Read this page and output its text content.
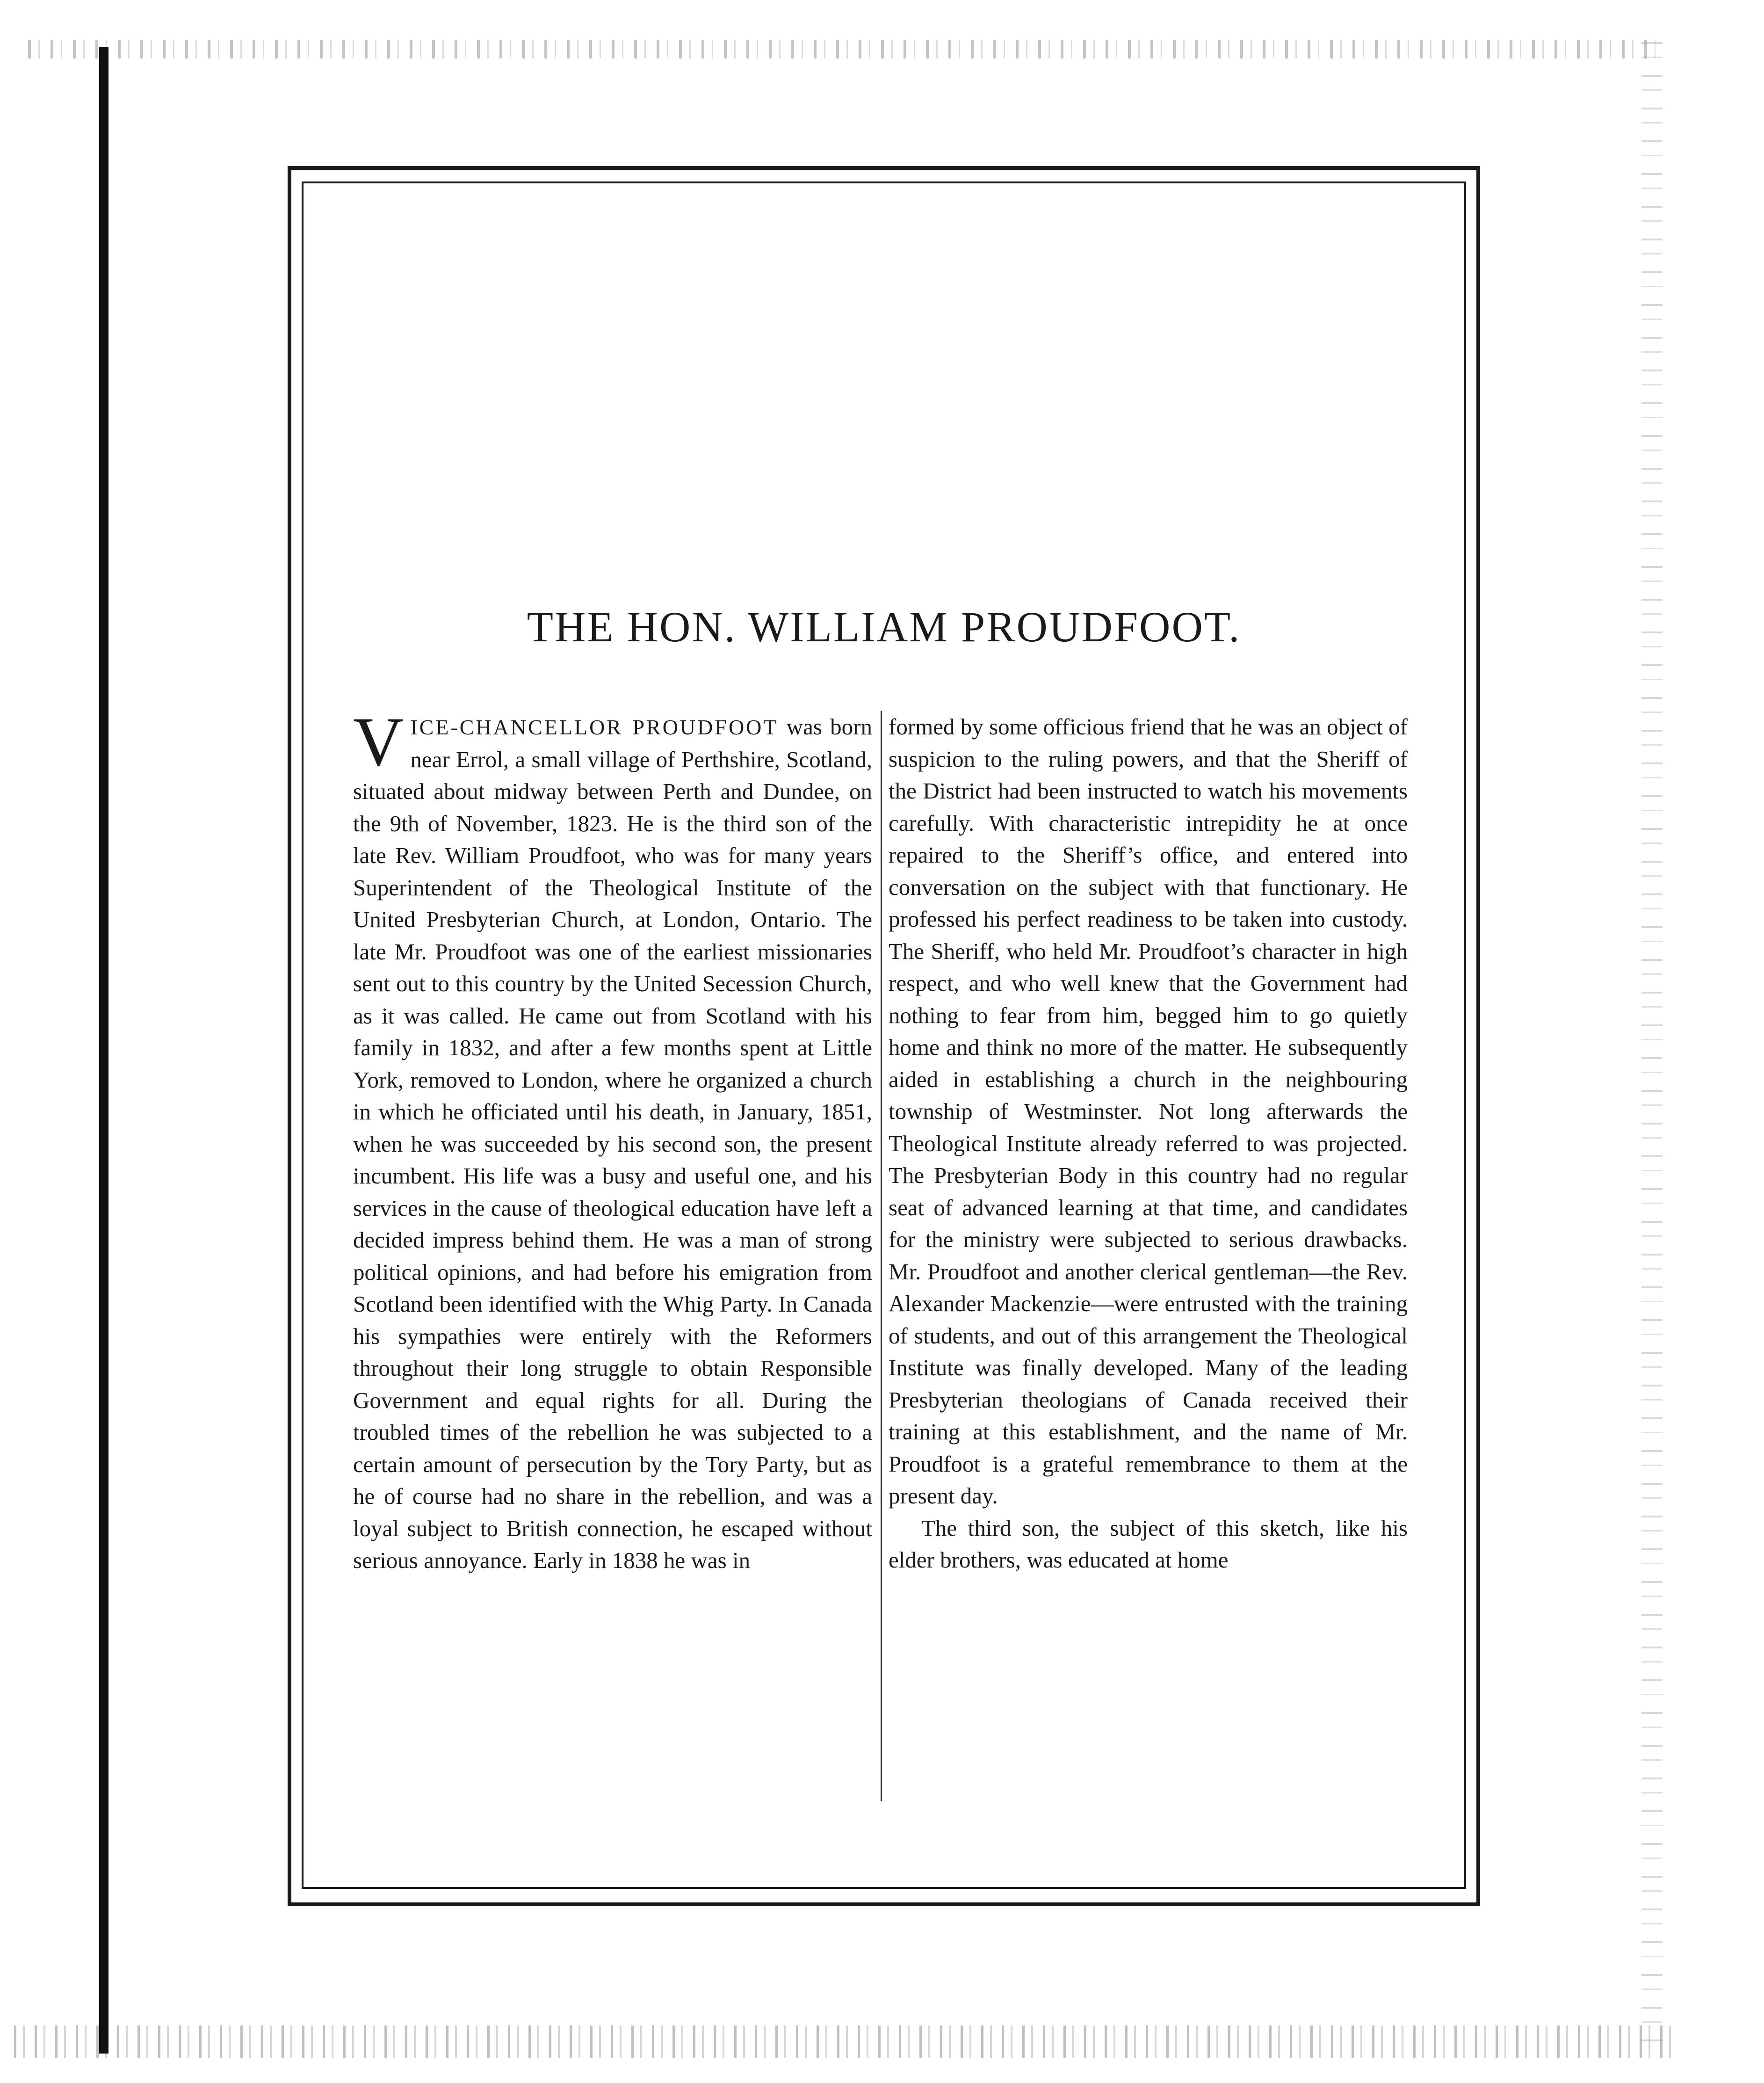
THE HON. WILLIAM PROUDFOOT.

VICE-CHANCELLOR PROUDFOOT was born near Errol, a small village of Perthshire, Scotland, situated about midway between Perth and Dundee, on the 9th of November, 1823. He is the third son of the late Rev. William Proudfoot, who was for many years Superintendent of the Theological Institute of the United Presbyterian Church, at London, Ontario. The late Mr. Proudfoot was one of the earliest missionaries sent out to this country by the United Secession Church, as it was called. He came out from Scotland with his family in 1832, and after a few months spent at Little York, removed to London, where he organized a church in which he officiated until his death, in January, 1851, when he was succeeded by his second son, the present incumbent. His life was a busy and useful one, and his services in the cause of theological education have left a decided impress behind them. He was a man of strong political opinions, and had before his emigration from Scotland been identified with the Whig Party. In Canada his sympathies were entirely with the Reformers throughout their long struggle to obtain Responsible Government and equal rights for all. During the troubled times of the rebellion he was subjected to a certain amount of persecution by the Tory Party, but as he of course had no share in the rebellion, and was a loyal subject to British connection, he escaped without serious annoyance. Early in 1838 he was in

formed by some officious friend that he was an object of suspicion to the ruling powers, and that the Sheriff of the District had been instructed to watch his movements carefully. With characteristic intrepidity he at once repaired to the Sheriff’s office, and entered into conversation on the subject with that functionary. He professed his perfect readiness to be taken into custody. The Sheriff, who held Mr. Proudfoot’s character in high respect, and who well knew that the Government had nothing to fear from him, begged him to go quietly home and think no more of the matter. He subsequently aided in establishing a church in the neighbouring township of Westminster. Not long afterwards the Theological Institute already referred to was projected. The Presbyterian Body in this country had no regular seat of advanced learning at that time, and candidates for the ministry were subjected to serious drawbacks. Mr. Proudfoot and another clerical gentleman—the Rev. Alexander Mackenzie—were entrusted with the training of students, and out of this arrangement the Theological Institute was finally developed. Many of the leading Presbyterian theologians of Canada received their training at this establishment, and the name of Mr. Proudfoot is a grateful remembrance to them at the present day.

The third son, the subject of this sketch, like his elder brothers, was educated at home
